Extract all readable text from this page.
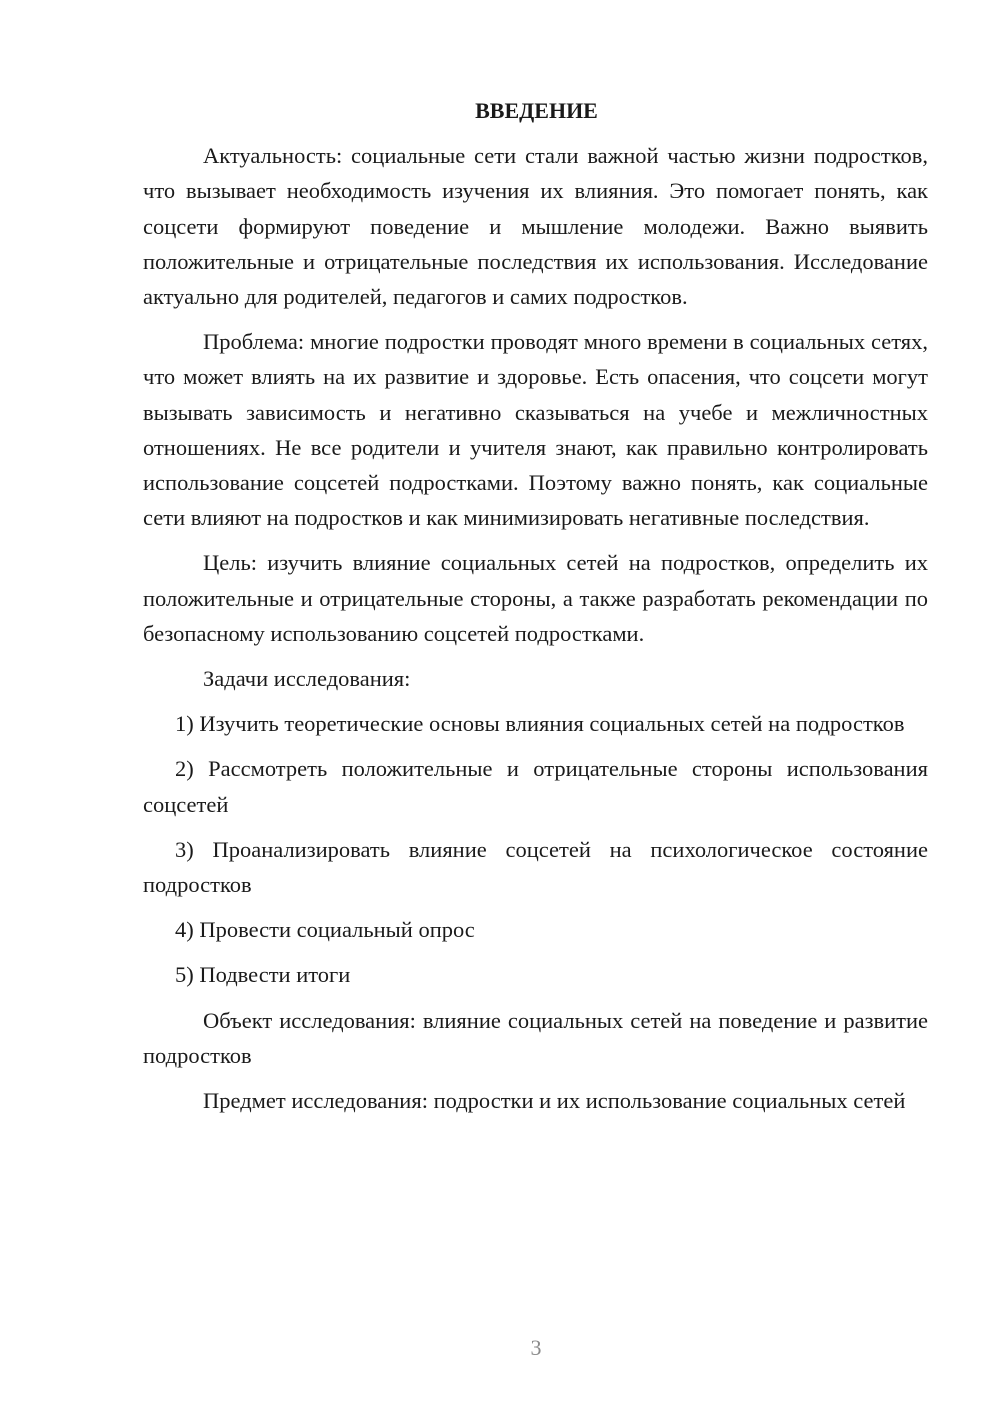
ВВЕДЕНИЕ

Актуальность: социальные сети стали важной частью жизни подростков, что вызывает необходимость изучения их влияния. Это помогает понять, как соцсети формируют поведение и мышление молодежи. Важно выявить положительные и отрицательные последствия их использования. Исследование актуально для родителей, педагогов и самих подростков.

Проблема: многие подростки проводят много времени в социальных сетях, что может влиять на их развитие и здоровье. Есть опасения, что соцсети могут вызывать зависимость и негативно сказываться на учебе и межличностных отношениях. Не все родители и учителя знают, как правильно контролировать использование соцсетей подростками. Поэтому важно понять, как социальные сети влияют на подростков и как минимизировать негативные последствия.

Цель: изучить влияние социальных сетей на подростков, определить их положительные и отрицательные стороны, а также разработать рекомендации по безопасному использованию соцсетей подростками.

Задачи исследования:

1) Изучить теоретические основы влияния социальных сетей на подростков

2) Рассмотреть положительные и отрицательные стороны использования соцсетей

3) Проанализировать влияние соцсетей на психологическое состояние подростков

4) Провести социальный опрос

5) Подвести итоги

Объект исследования: влияние социальных сетей на поведение и развитие подростков

Предмет исследования: подростки и их использование социальных сетей

3
